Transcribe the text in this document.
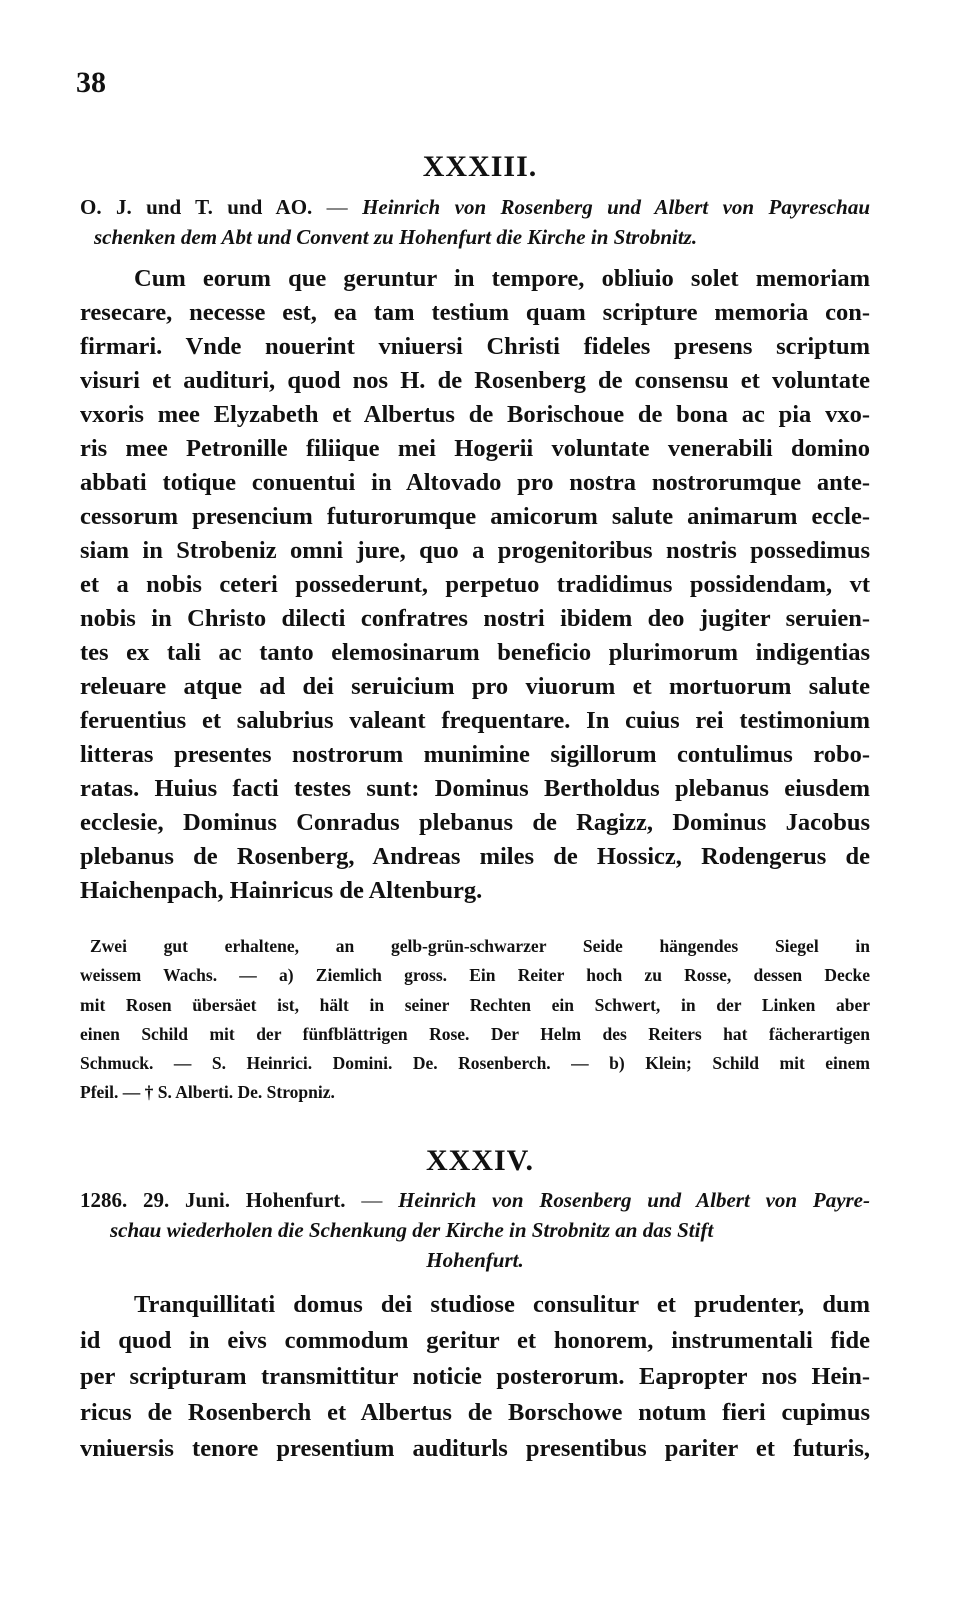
38
XXXIII.
O. J. und T. und AO. — Heinrich von Rosenberg und Albert von Payreschau
schenken dem Abt und Convent zu Hohenfurt die Kirche in Strobnitz.
Cum eorum que geruntur in tempore, obliuio solet memoriam
resecare, necesse est, ea tam testium quam scripture memoria con-
firmari. Vnde nouerint vniuersi Christi fideles presens scriptum
visuri et audituri, quod nos H. de Rosenberg de consensu et voluntate
vxoris mee Elyzabeth et Albertus de Borischoue de bona ac pia vxo-
ris mee Petronille filiique mei Hogerii voluntate venerabili domino
abbati totique conuentui in Altovado pro nostra nostrorumque ante-
cessorum presencium futurorumque amicorum salute animarum eccle-
siam in Strobeniz omni jure, quo a progenitoribus nostris possedimus
et a nobis ceteri possederunt, perpetuo tradidimus possidendam, vt
nobis in Christo dilecti confratres nostri ibidem deo jugiter seruien-
tes ex tali ac tanto elemosinarum beneficio plurimorum indigentias
releuare atque ad dei seruicium pro viuorum et mortuorum salute
feruentius et salubrius valeant frequentare. In cuius rei testimonium
litteras presentes nostrorum munimine sigillorum contulimus robo-
ratas. Huius facti testes sunt: Dominus Bertholdus plebanus eiusdem
ecclesie, Dominus Conradus plebanus de Ragizz, Dominus Jacobus
plebanus de Rosenberg, Andreas miles de Hossicz, Rodengerus de
Haichenpach, Hainricus de Altenburg.
Zwei gut erhaltene, an gelb-grün-schwarzer Seide hängendes Siegel in
weissem Wachs. — a) Ziemlich gross. Ein Reiter hoch zu Rosse, dessen Decke
mit Rosen übersäet ist, hält in seiner Rechten ein Schwert, in der Linken aber
einen Schild mit der fünfblättrigen Rose. Der Helm des Reiters hat fächerartigen
Schmuck. — S. Heinrici. Domini. De. Rosenberch. — b) Klein; Schild mit einem
Pfeil. — † S. Alberti. De. Stropniz.
XXXIV.
1286. 29. Juni. Hohenfurt. — Heinrich von Rosenberg und Albert von Payre-
schau wiederholen die Schenkung der Kirche in Strobnitz an das Stift
Hohenfurt.
Tranquillitati domus dei studiose consulitur et prudenter, dum
id quod in eivs commodum geritur et honorem, instrumentali fide
per scripturam transmittitur noticie posterorum. Eapropter nos Hein-
ricus de Rosenberch et Albertus de Borschowe notum fieri cupimus
vniuersis tenore presentium auditurls presentibus pariter et futuris,
